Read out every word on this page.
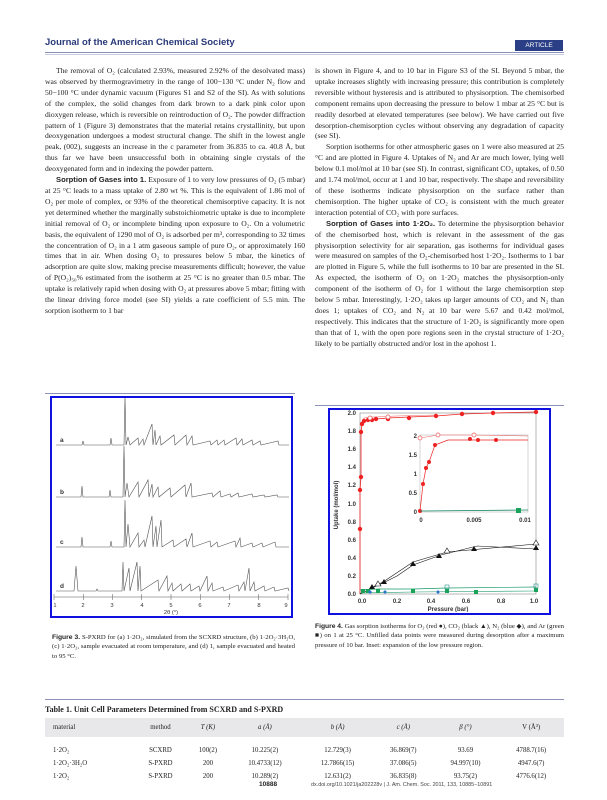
Journal of the American Chemical Society	ARTICLE

The removal of O₂ (calculated 2.93%, measured 2.92% of the desolvated mass) was observed by thermogravimetry in the range of 100−130 °C under N₂ flow and 50−100 °C under dynamic vacuum (Figures S1 and S2 of the SI). As with solutions of the complex, the solid changes from dark brown to a dark pink color upon dioxygen release, which is reversible on reintroduction of O₂. The powder diffraction pattern of 1 (Figure 3) demonstrates that the material retains crystallinity, but upon deoxygenation undergoes a modest structural change. The shift in the lowest angle peak, (002), suggests an increase in the c parameter from 36.835 to ca. 40.8 Å, but thus far we have been unsuccessful both in obtaining single crystals of the deoxygenated form and in indexing the powder pattern.

Sorption of Gases into 1. Exposure of 1 to very low pressures of O₂ (5 mbar) at 25 °C leads to a mass uptake of 2.80 wt %. This is the equivalent of 1.86 mol of O₂ per mole of complex, or 93% of the theoretical chemisorptive capacity. It is not yet determined whether the marginally substoichiometric uptake is due to incomplete initial removal of O₂ or incomplete binding upon exposure to O₂. On a volumetric basis, the equivalent of 1290 mol of O₂ is adsorbed per m³, corresponding to 32 times the concentration of O₂ in a 1 atm gaseous sample of pure O₂, or approximately 160 times that in air. When dosing O₂ to pressures below 5 mbar, the kinetics of adsorption are quite slow, making precise measurements difficult; however, the value of P(O₂)₅₀% estimated from the isotherm at 25 °C is no greater than 0.5 mbar. The uptake is relatively rapid when dosing with O₂ at pressures above 5 mbar; fitting with the linear driving force model (see SI) yields a rate coefficient of 5.5 min. The sorption isotherm to 1 bar

is shown in Figure 4, and to 10 bar in Figure S3 of the SI. Beyond 5 mbar, the uptake increases slightly with increasing pressure; this contribution is completely reversible without hysteresis and is attributed to physisorption. The chemisorbed component remains upon decreasing the pressure to below 1 mbar at 25 °C but is readily desorbed at elevated temperatures (see below). We have carried out five desorption-chemisorption cycles without observing any degradation of capacity (see SI).

Sorption isotherms for other atmospheric gases on 1 were also measured at 25 °C and are plotted in Figure 4. Uptakes of N₂ and Ar are much lower, lying well below 0.1 mol/mol at 10 bar (see SI). In contrast, significant CO₂ uptakes, of 0.50 and 1.74 mol/mol, occur at 1 and 10 bar, respectively. The shape and reversibility of these isotherms indicate physisorption on the surface rather than chemisorption. The higher uptake of CO₂ is consistent with the much greater interaction potential of CO₂ with pore surfaces.

Sorption of Gases into 1·2O₂. To determine the physisorption behavior of the chemisorbed host, which is relevant in the assessment of the gas physisorption selectivity for air separation, gas isotherms for individual gases were measured on samples of the O₂-chemisorbed host 1·2O₂. Isotherms to 1 bar are plotted in Figure 5, while the full isotherms to 10 bar are presented in the SI. As expected, the isotherm of O₂ on 1·2O₂ matches the physisorption-only component of the isotherm of O₂ for 1 without the large chemisorption step below 5 mbar. Interestingly, 1·2O₂ takes up larger amounts of CO₂ and N₂ than does 1; uptakes of CO₂ and N₂ at 10 bar were 5.67 and 0.42 mol/mol, respectively. This indicates that the structure of 1·2O₂ is significantly more open than that of 1, with the open pore regions seen in the crystal structure of 1·2O₂ likely to be partially obstructed and/or lost in the apohost 1.

a
b
c
d
1	2	3	4	5	6	7	8	9
2θ (°)
Figure 3. S-PXRD for (a) 1·2O₂, simulated from the SCXRD structure, (b) 1·2O₂·3H₂O, (c) 1·2O₂, sample evacuated at room temperature, and (d) 1, sample evacuated and heated to 95 °C.
0.0
0.2
0.4
0.6
0.8
1.0
1.2
1.4
1.6
1.8
2.0
0.0	0.2	0.4	0.6	0.8	1.0
Pressure (bar)
Uptake (mol/mol)	0
0.5
1
1.5
2
0	0.005	0.01
Figure 4. Gas sorption isotherms for O₂ (red ●), CO₂ (black ▲), N₂ (blue ◆), and Ar (green ■) on 1 at 25 °C. Unfilled data points were measured during desorption after a maximum pressure of 10 bar. Inset: expansion of the low pressure region.
Table 1. Unit Cell Parameters Determined from SCXRD and S-PXRD
material	method	T (K)	a (Å)	b (Å)	c (Å)	β (°)	V (Å³)

1·2O₂	SCXRD	100(2)	10.225(2)	12.729(3)	36.869(7)	93.69	4788.7(16)
1·2O₂·3H₂O	S-PXRD	200	10.4733(12)	12.7866(15)	37.086(5)	94.997(10)	4947.6(7)
1·2O₂	S-PXRD	200	10.289(2)	12.631(2)	36.835(8)	93.75(2)	4776.6(12)
10888	dx.doi.org/10.1021/ja202228v | J. Am. Chem. Soc. 2011, 133, 10885−10891
